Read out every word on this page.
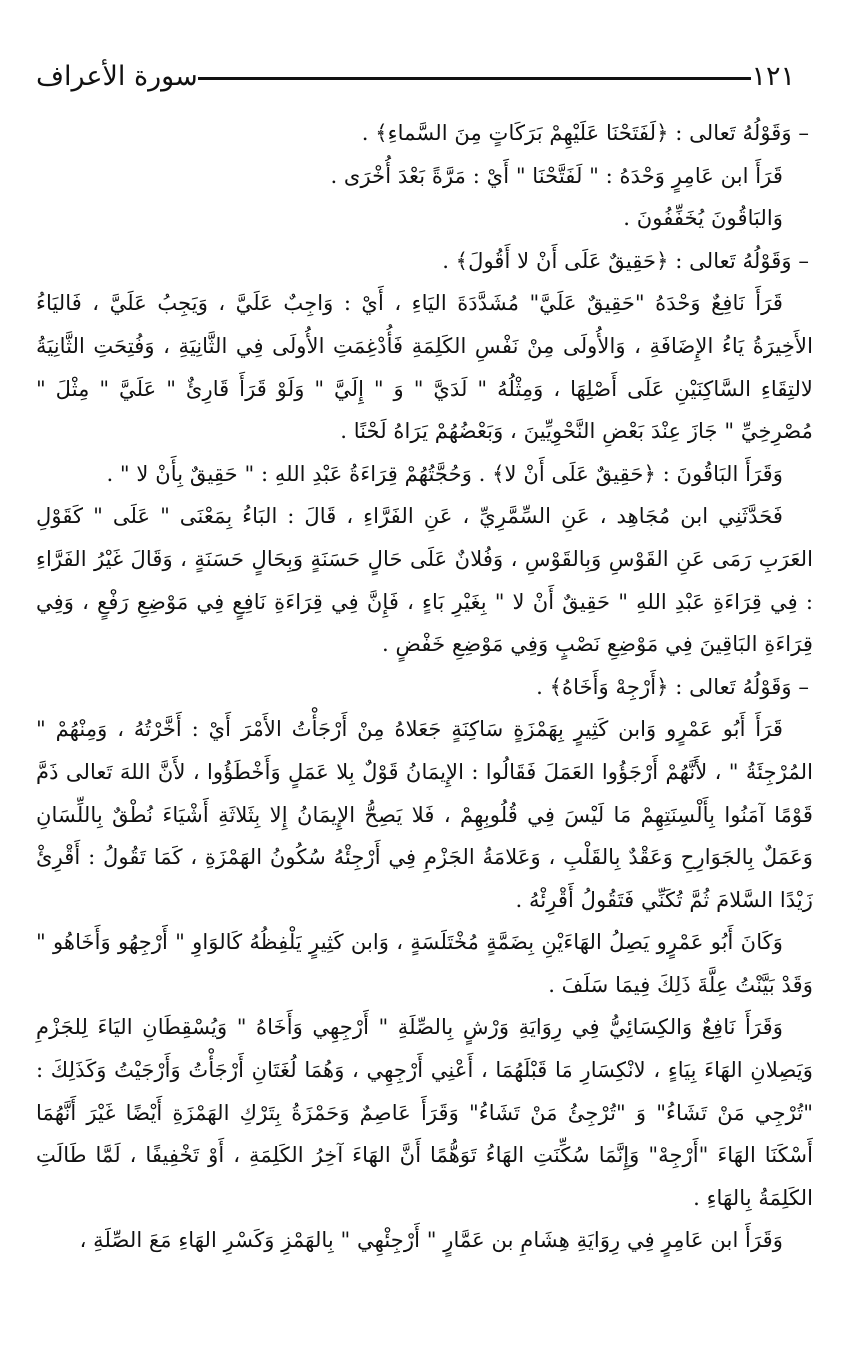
سورة الأعراف	١٢١

– وَقَوْلُهُ تَعالى : ﴿لَفَتَحْنَا عَلَيْهِمْ بَرَكَاتٍ مِنَ السَّماءِ﴾ .

قَرَأَ ابن عَامِرٍ وَحْدَهُ : " لَفَتَّحْنَا " أَيْ : مَرَّةً بَعْدَ أُخْرَى .

وَالبَاقُونَ يُخَفِّفُونَ .

– وَقَوْلُهُ تَعالى : ﴿حَقِيقٌ عَلَى أَنْ لا أَقُولَ﴾ .

قَرَأَ نَافِعٌ وَحْدَهُ "حَقِيقٌ عَلَيَّ" مُشَدَّدَةَ اليَاءِ ، أَيْ : وَاجِبٌ عَلَيَّ ، وَيَجِبُ عَلَيَّ ، فَاليَاءُ الأَخِيرَةُ يَاءُ الإِضَافَةِ ، وَالأُولَى مِنْ نَفْسِ الكَلِمَةِ فَأُدْغِمَتِ الأُولَى فِي الثَّانِيَةِ ، وَفُتِحَتِ الثَّانِيَةُ لالتِقَاءِ السَّاكِنَيْنِ عَلَى أَصْلِهَا ، وَمِثْلُهُ " لَدَيَّ " وَ " إِلَيَّ " وَلَوْ قَرَأَ قَارِئٌ " عَلَيَّ " مِثْلَ " مُصْرِخِيِّ " جَازَ عِنْدَ بَعْضِ النَّحْوِيِّينَ ، وَبَعْضُهُمْ يَرَاهُ لَحْنًا .

وَقَرَأَ البَاقُونَ : ﴿حَقِيقٌ عَلَى أَنْ لا﴾ . وَحُجَّتُهُمْ قِرَاءَةُ عَبْدِ اللهِ : " حَقِيقٌ بِأَنْ لا " .

فَحَدَّثَنِي ابن مُجَاهِد ، عَنِ السِّمَّرِيِّ ، عَنِ الفَرَّاءِ ، قَالَ : البَاءُ بِمَعْنَى " عَلَى " كَقَوْلِ العَرَبِ رَمَى عَنِ القَوْسِ وَبِالقَوْسِ ، وَفُلانٌ عَلَى حَالٍ حَسَنَةٍ وَبِحَالٍ حَسَنَةٍ ، وَقَالَ غَيْرُ الفَرَّاءِ : فِي قِرَاءَةِ عَبْدِ اللهِ " حَقِيقٌ أَنْ لا " بِغَيْرِ بَاءٍ ، فَإِنَّ فِي قِرَاءَةِ نَافِعٍ فِي مَوْضِعِ رَفْعٍ ، وَفِي قِرَاءَةِ البَاقِينَ فِي مَوْضِعِ نَصْبٍ وَفِي مَوْضِعِ خَفْضٍ .

– وَقَوْلُهُ تَعالى : ﴿أَرْجِهْ وَأَخَاهُ﴾ .

قَرَأَ أَبُو عَمْرٍو وَابن كَثِيرٍ بِهَمْزَةٍ سَاكِنَةٍ جَعَلاهُ مِنْ أَرْجَأْتُ الأَمْرَ أَيْ : أَخَّرْتُهُ ، وَمِنْهُمْ " المُرْجِئَةُ " ، لأَنَّهُمْ أَرْجَؤُوا العَمَلَ فَقَالُوا : الإِيمَانُ قَوْلٌ بِلا عَمَلٍ وَأَخْطَؤُوا ، لأَنَّ اللهَ تَعالى ذَمَّ قَوْمًا آمَنُوا بِأَلْسِنَتِهِمْ مَا لَيْسَ فِي قُلُوبِهِمْ ، فَلا يَصِحُّ الإِيمَانُ إِلا بِثَلاثَةِ أَشْيَاءَ نُطْقٌ بِاللِّسَانِ وَعَمَلٌ بِالجَوَارِحِ وَعَقْدٌ بِالقَلْبِ ، وَعَلامَةُ الجَزْمِ فِي أَرْجِئْهُ سُكُونُ الهَمْزَةِ ، كَمَا تَقُولُ : أَقْرِئْ زَيْدًا السَّلامَ ثُمَّ تُكَنِّي فَتَقُولُ أَقْرِئْهُ .

وَكَانَ أَبُو عَمْرٍو يَصِلُ الهَاءَيْنِ بِضَمَّةٍ مُخْتَلَسَةٍ ، وَابن كَثِيرٍ يَلْفِظُهُ كَالوَاوِ " أَرْجِهُو وَأَخَاهُو " وَقَدْ بَيَّنْتُ عِلَّةَ ذَلِكَ فِيمَا سَلَفَ .

وَقَرَأَ نَافِعٌ وَالكِسَائِيُّ فِي رِوَايَةِ وَرْشٍ بِالصِّلَةِ " أَرْجِهِي وَأَخَاهُ " وَيُسْقِطَانِ اليَاءَ لِلجَزْمِ وَيَصِلانِ الهَاءَ بِيَاءٍ ، لانْكِسَارِ مَا قَبْلَهُمَا ، أَعْنِي أَرْجِهِي ، وَهُمَا لُغَتَانِ أَرْجَأْتُ وَأَرْجَيْتُ وَكَذَلِكَ : "تُرْجِي مَنْ تَشَاءُ" وَ "تُرْجِئُ مَنْ تَشَاءُ" وَقَرَأَ عَاصِمٌ وَحَمْزَةُ بِتَرْكِ الهَمْزَةِ أَيْضًا غَيْرَ أَنَّهُمَا أَسْكَنَا الهَاءَ "أَرْجِهْ" وَإِنَّمَا سُكِّنَتِ الهَاءُ تَوَهُّمًا أَنَّ الهَاءَ آخِرُ الكَلِمَةِ ، أَوْ تَخْفِيفًا ، لَمَّا طَالَتِ الكَلِمَةُ بِالهَاءِ .

وَقَرَأَ ابن عَامِرٍ فِي رِوَايَةِ هِشَامِ بن عَمَّارٍ " أَرْجِئْهِي " بِالهَمْزِ وَكَسْرِ الهَاءِ مَعَ الصِّلَةِ ،
